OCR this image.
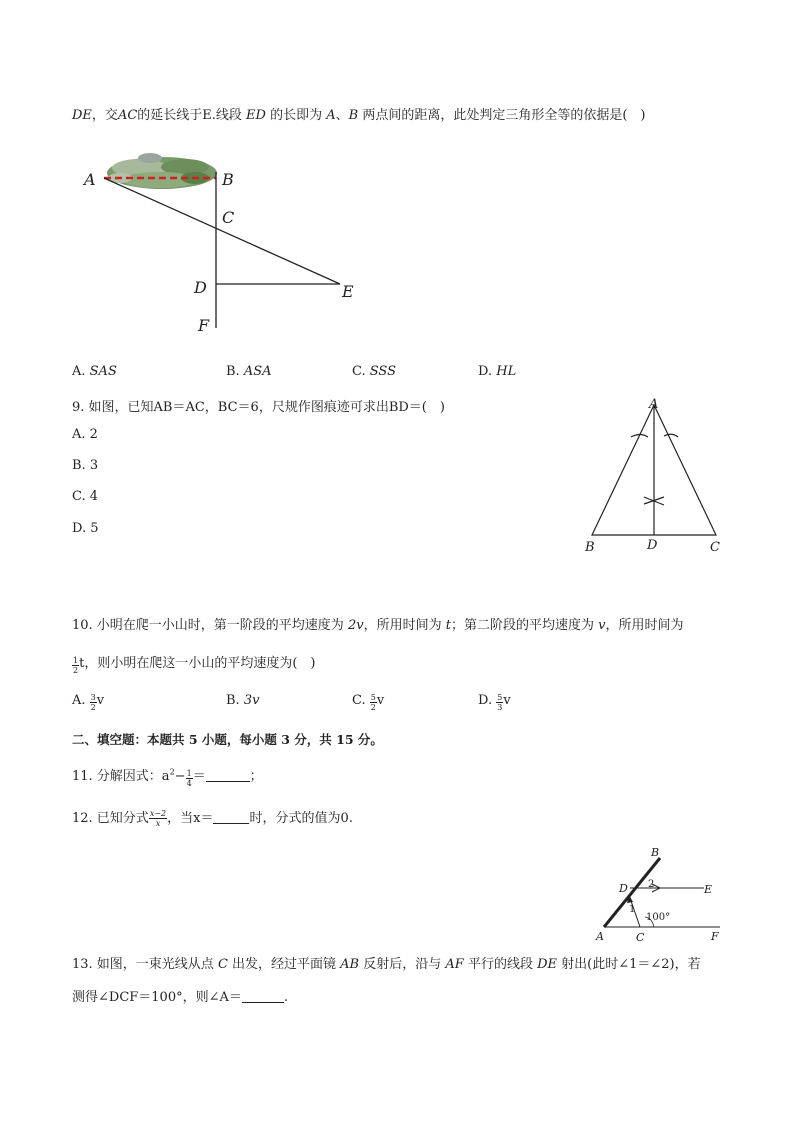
DE，交AC的延长线于E.线段 ED 的长即为 A、B 两点间的距离，此处判定三角形全等的依据是(　)
A	B
C
D	E
F
A. SAS	B. ASA	C. SSS	D. HL
9. 如图，已知AB＝AC，BC＝6，尺规作图痕迹可求出BD＝(　)
A. 2
B. 3
C. 4
D. 5
A
B	D	C
10. 小明在爬一小山时，第一阶段的平均速度为 2v，所用时间为 t；第二阶段的平均速度为 v，所用时间为
$\frac{1}{2}$ t，则小明在爬这一小山的平均速度为(　)
A. $\frac{3}{2}$ v	B. 3v	C. $\frac{5}{2}$ v	D. $\frac{5}{3}$ v
二、填空题：本题共 5 小题，每小题 3 分，共 15 分。
11. 分解因式：$a^2- \frac{1}{4}$ ＝	；
12. 已知分式 $\frac{x-2}{x}$ ，当x＝	时，分式的值为0.
B
D 2	E
1
100°
A	C	F
13. 如图，一束光线从点 C 出发，经过平面镜 AB 反射后，沿与 AF 平行的线段 DE 射出(此时∠1＝∠2)，若
测得∠DCF＝100°，则∠A＝	.
